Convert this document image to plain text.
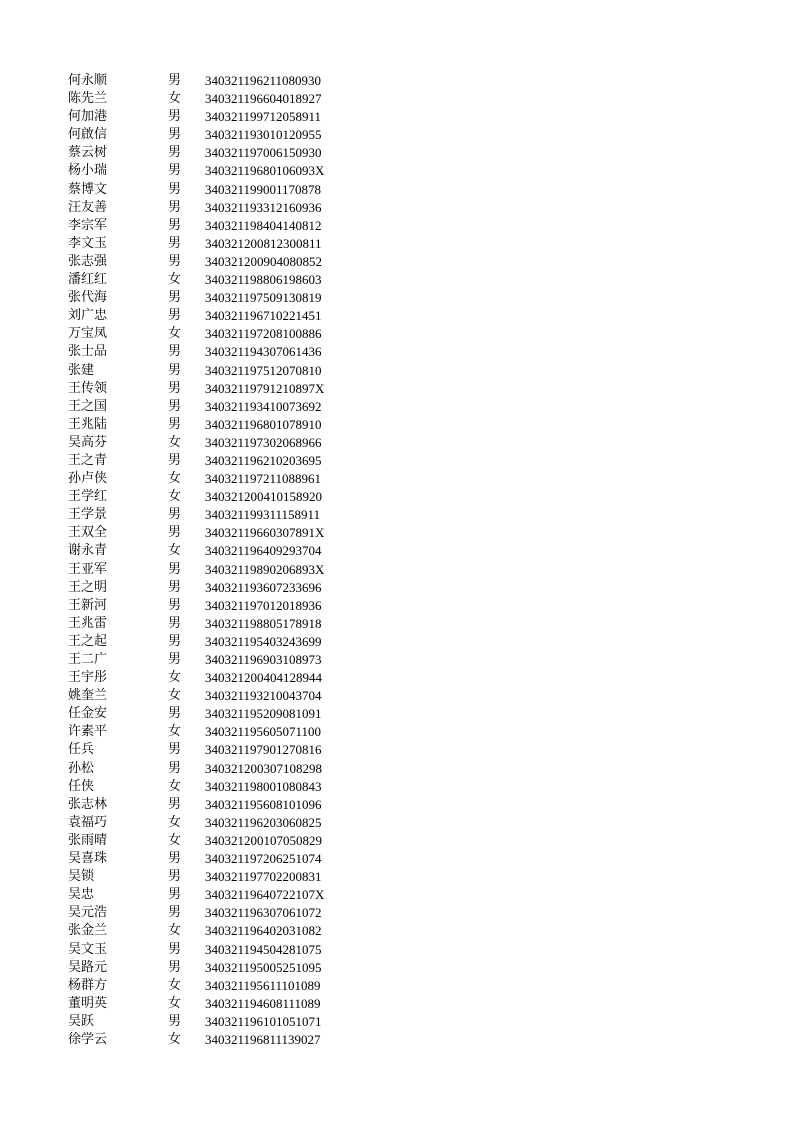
何永顺	男 340321196211080930
陈先兰	女 340321196604018927
何加港	男 340321199712058911
何啟信	男 340321193010120955
蔡云树	男 340321197006150930
杨小瑞	男 34032119680106093X
蔡博文	男 340321199001170878
汪友善	男 340321193312160936
李宗军	男 340321198404140812
李文玉	男 340321200812300811
张志强	男 340321200904080852
潘红红	女 340321198806198603
张代海	男 340321197509130819
刘广忠	男 340321196710221451
万宝凤	女 340321197208100886
张士品	男 340321194307061436
张建	男 340321197512070810
王传领	男 34032119791210897X
王之国	男 340321193410073692
王兆陆	男 340321196801078910
吴高芬	女 340321197302068966
王之青	男 340321196210203695
孙卢侠	女 340321197211088961
王学红	女 340321200410158920
王学景	男 340321199311158911
王双全	男 34032119660307891X
谢永青	女 340321196409293704
王亚军	男 34032119890206893X
王之明	男 340321193607233696
王新河	男 340321197012018936
王兆雷	男 340321198805178918
王之起	男 340321195403243699
王二广	男 340321196903108973
王宇彤	女 340321200404128944
姚奎兰	女 340321193210043704
任金安	男 340321195209081091
许素平	女 340321195605071100
任兵	男 340321197901270816
孙松	男 340321200307108298
任侠	女 340321198001080843
张志林	男 340321195608101096
袁福巧	女 340321196203060825
张雨晴	女 340321200107050829
吴喜珠	男 340321197206251074
吴锁	男 340321197702200831
吴忠	男 34032119640722107X
吴元浩	男 340321196307061072
张金兰	女 340321196402031082
吴文玉	男 340321194504281075
吴路元	男 340321195005251095
杨群方	女 340321195611101089
董明英	女 340321194608111089
吴跃	男 340321196101051071
徐学云	女 340321196811139027
